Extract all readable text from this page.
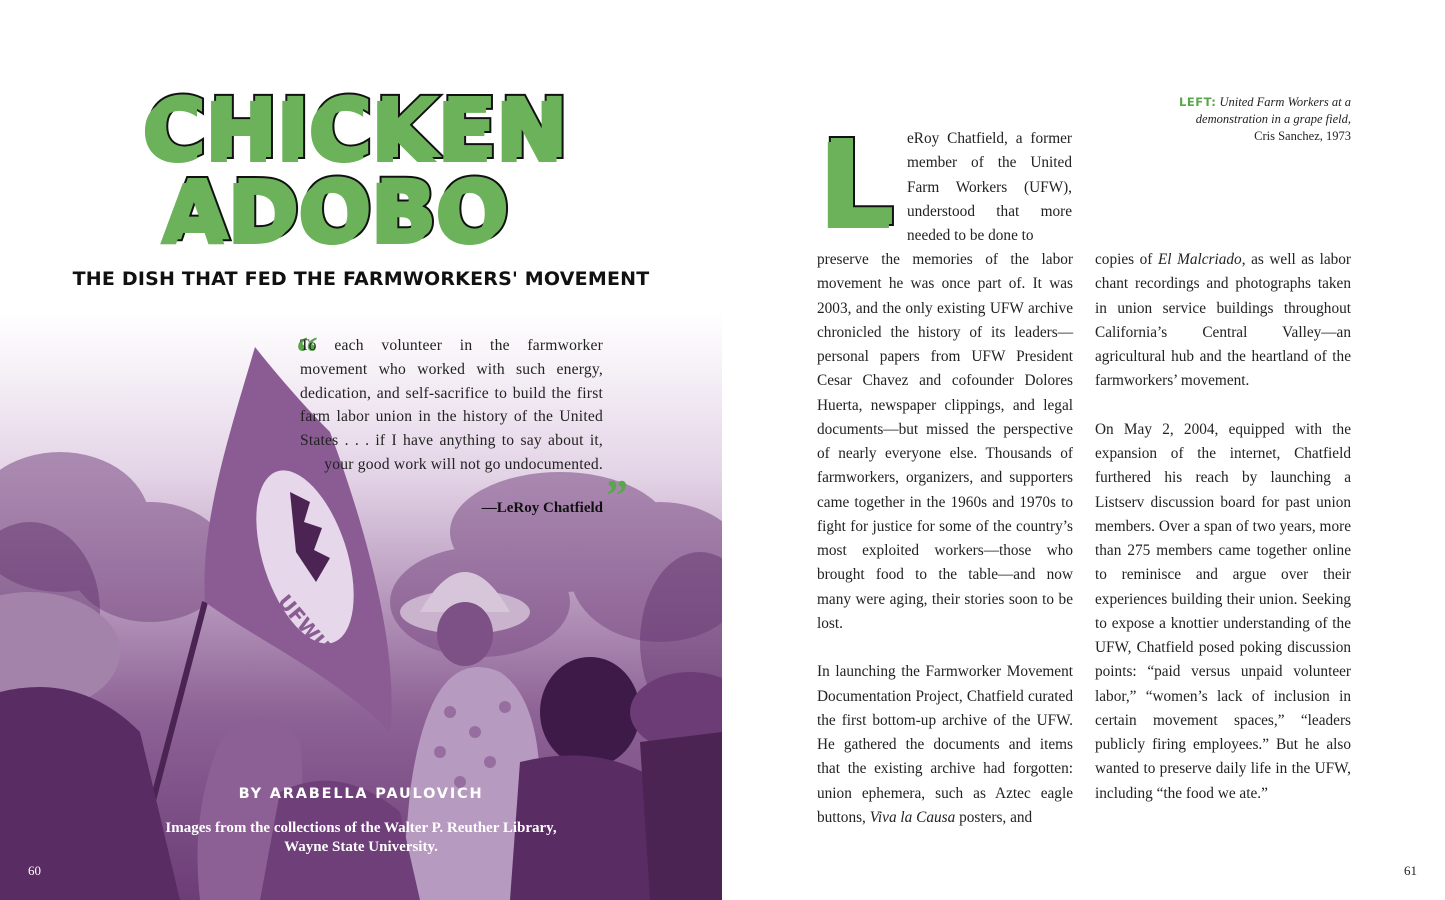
UFWU
CHICKEN
ADOBO
THE DISH THAT FED THE FARMWORKERS' MOVEMENT
“
To each volunteer in the farmworker movement who worked with such energy, dedication, and self-sacrifice to build the first farm labor union in the history of the United States . . . if I have anything to say about it, your good work will not go undocumented.
”
—LeRoy Chatfield
BY ARABELLA PAULOVICH
Images from the collections of the Walter P. Reuther Library,
Wayne State University.
60
LEFT: United Farm Workers at a demonstration in a grape field,
Cris Sanchez, 1973
L eRoy Chatfield, a former member of the United Farm Workers (UFW), understood that more needed to be done to

preserve the memories of the labor movement he was once part of. It was 2003, and the only existing UFW archive chronicled the history of its leaders—personal papers from UFW President Cesar Chavez and cofounder Dolores Huerta, newspaper clippings, and legal documents—but missed the perspective of nearly everyone else. Thousands of farmworkers, organizers, and supporters came together in the 1960s and 1970s to fight for justice for some of the country’s most exploited workers—those who brought food to the table—and now many were aging, their stories soon to be lost.

In launching the Farmworker Movement Documentation Project, Chatfield curated the first bottom-up archive of the UFW. He gathered the documents and items that the existing archive had forgotten: union ephemera, such as Aztec eagle buttons, Viva la Causa posters, and

copies of El Malcriado, as well as labor chant recordings and photographs taken in union service buildings throughout California’s Central Valley—an agricultural hub and the heartland of the farmworkers’ movement.

On May 2, 2004, equipped with the expansion of the internet, Chatfield furthered his reach by launching a Listserv discussion board for past union members. Over a span of two years, more than 275 members came together online to reminisce and argue over their experiences building their union. Seeking to expose a knottier understanding of the UFW, Chatfield posed poking discussion points: “paid versus unpaid volunteer labor,” “women’s lack of inclusion in certain movement spaces,” “leaders publicly firing employees.” But he also wanted to preserve daily life in the UFW, including “the food we ate.”

61
